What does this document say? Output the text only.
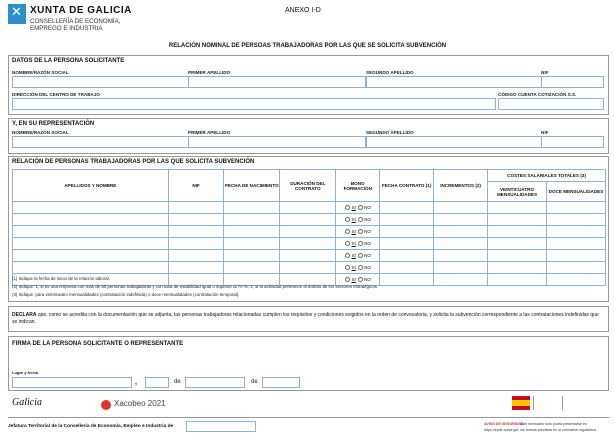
✕ XUNTA DE GALICIA
CONSELLERÍA DE ECONOMÍA,
EMPREGO E INDUSTRIA
ANEXO I-D
RELACIÓN NOMINAL DE PERSOAS TRABAJADORAS POR LAS QUE SE SOLICITA SUBVENCIÓN
DATOS DE LA PERSONA SOLICITANTE
NOMBRE/RAZÓN SOCIAL	PRIMER APELLIDO	SEGUNDO APELLIDO	NIF
DIRECCIÓN DEL CENTRO DE TRABAJO	CÓDIGO CUENTA COTIZACIÓN S.S.
Y, EN SU REPRESENTACIÓN
NOMBRE/RAZÓN SOCIAL	PRIMER APELLIDO	SEGUNDO APELLIDO	NIF
RELACIÓN DE PERSONAS TRABAJADORAS POR LAS QUE SOLICITA SUBVENCIÓN
APELLIDOS Y NOMBRE	NIF	FECHA DE NACIMIENTO	DURACIÓN DEL CONTRATO	BONO FORMACIÓN	FECHA CONTRATO (1)	INCREMENTOS (2)	COSTES SALARIALES TOTALES (3)	
							VEINTICUATRO MENSUALIDADES	DOCE MENSUALIDADES
				SÍ NO				
				SÍ NO				
				SÍ NO				
				SÍ NO				
				SÍ NO				
				SÍ NO				
				SÍ NO				
(1) Indique la fecha de inicio de la relación laboral.
(2) Indique: 1, si es una empresa con más de 50 personas trabajadoras y con tasa de estabilidad igual o superior al 70 %; 2, si la actividad pertenece al ámbito de los sectores estratégicos.
(3) Indique: para veinticuatro mensualidades (contratación indefinida) o doce mensualidades (contratación temporal).
DECLARA que, como se acredita con la documentación que se adjunta, las personas trabajadoras relacionadas cumplen los requisitos y condiciones exigidos en la orden de convocatoria, y solicita la subvención correspondiente a las contrataciones indefinidas que se indican.
FIRMA DE LA PERSONA SOLICITANTE O REPRESENTANTE
Lugar y fecha
,	de	de
Galicia	Xacobeo 2021
Jefatura Territorial de la Consellería de Economía, Empleo e Industria de	AVISO DE SEGURIDAD
Este formulario solo podrá presentarse en
https://sede.xunta.gal, las formas previstas en la normativa reguladora
